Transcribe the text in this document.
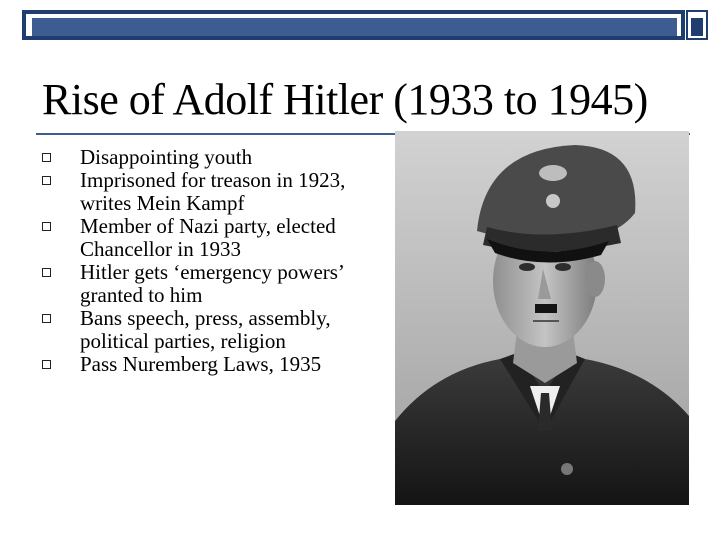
Rise of Adolf Hitler (1933 to 1945)
Disappointing youth
Imprisoned for treason in 1923, writes Mein Kampf
Member of Nazi party, elected Chancellor in 1933
Hitler gets ‘emergency powers’ granted to him
Bans speech, press, assembly, political parties, religion
Pass Nuremberg Laws, 1935
